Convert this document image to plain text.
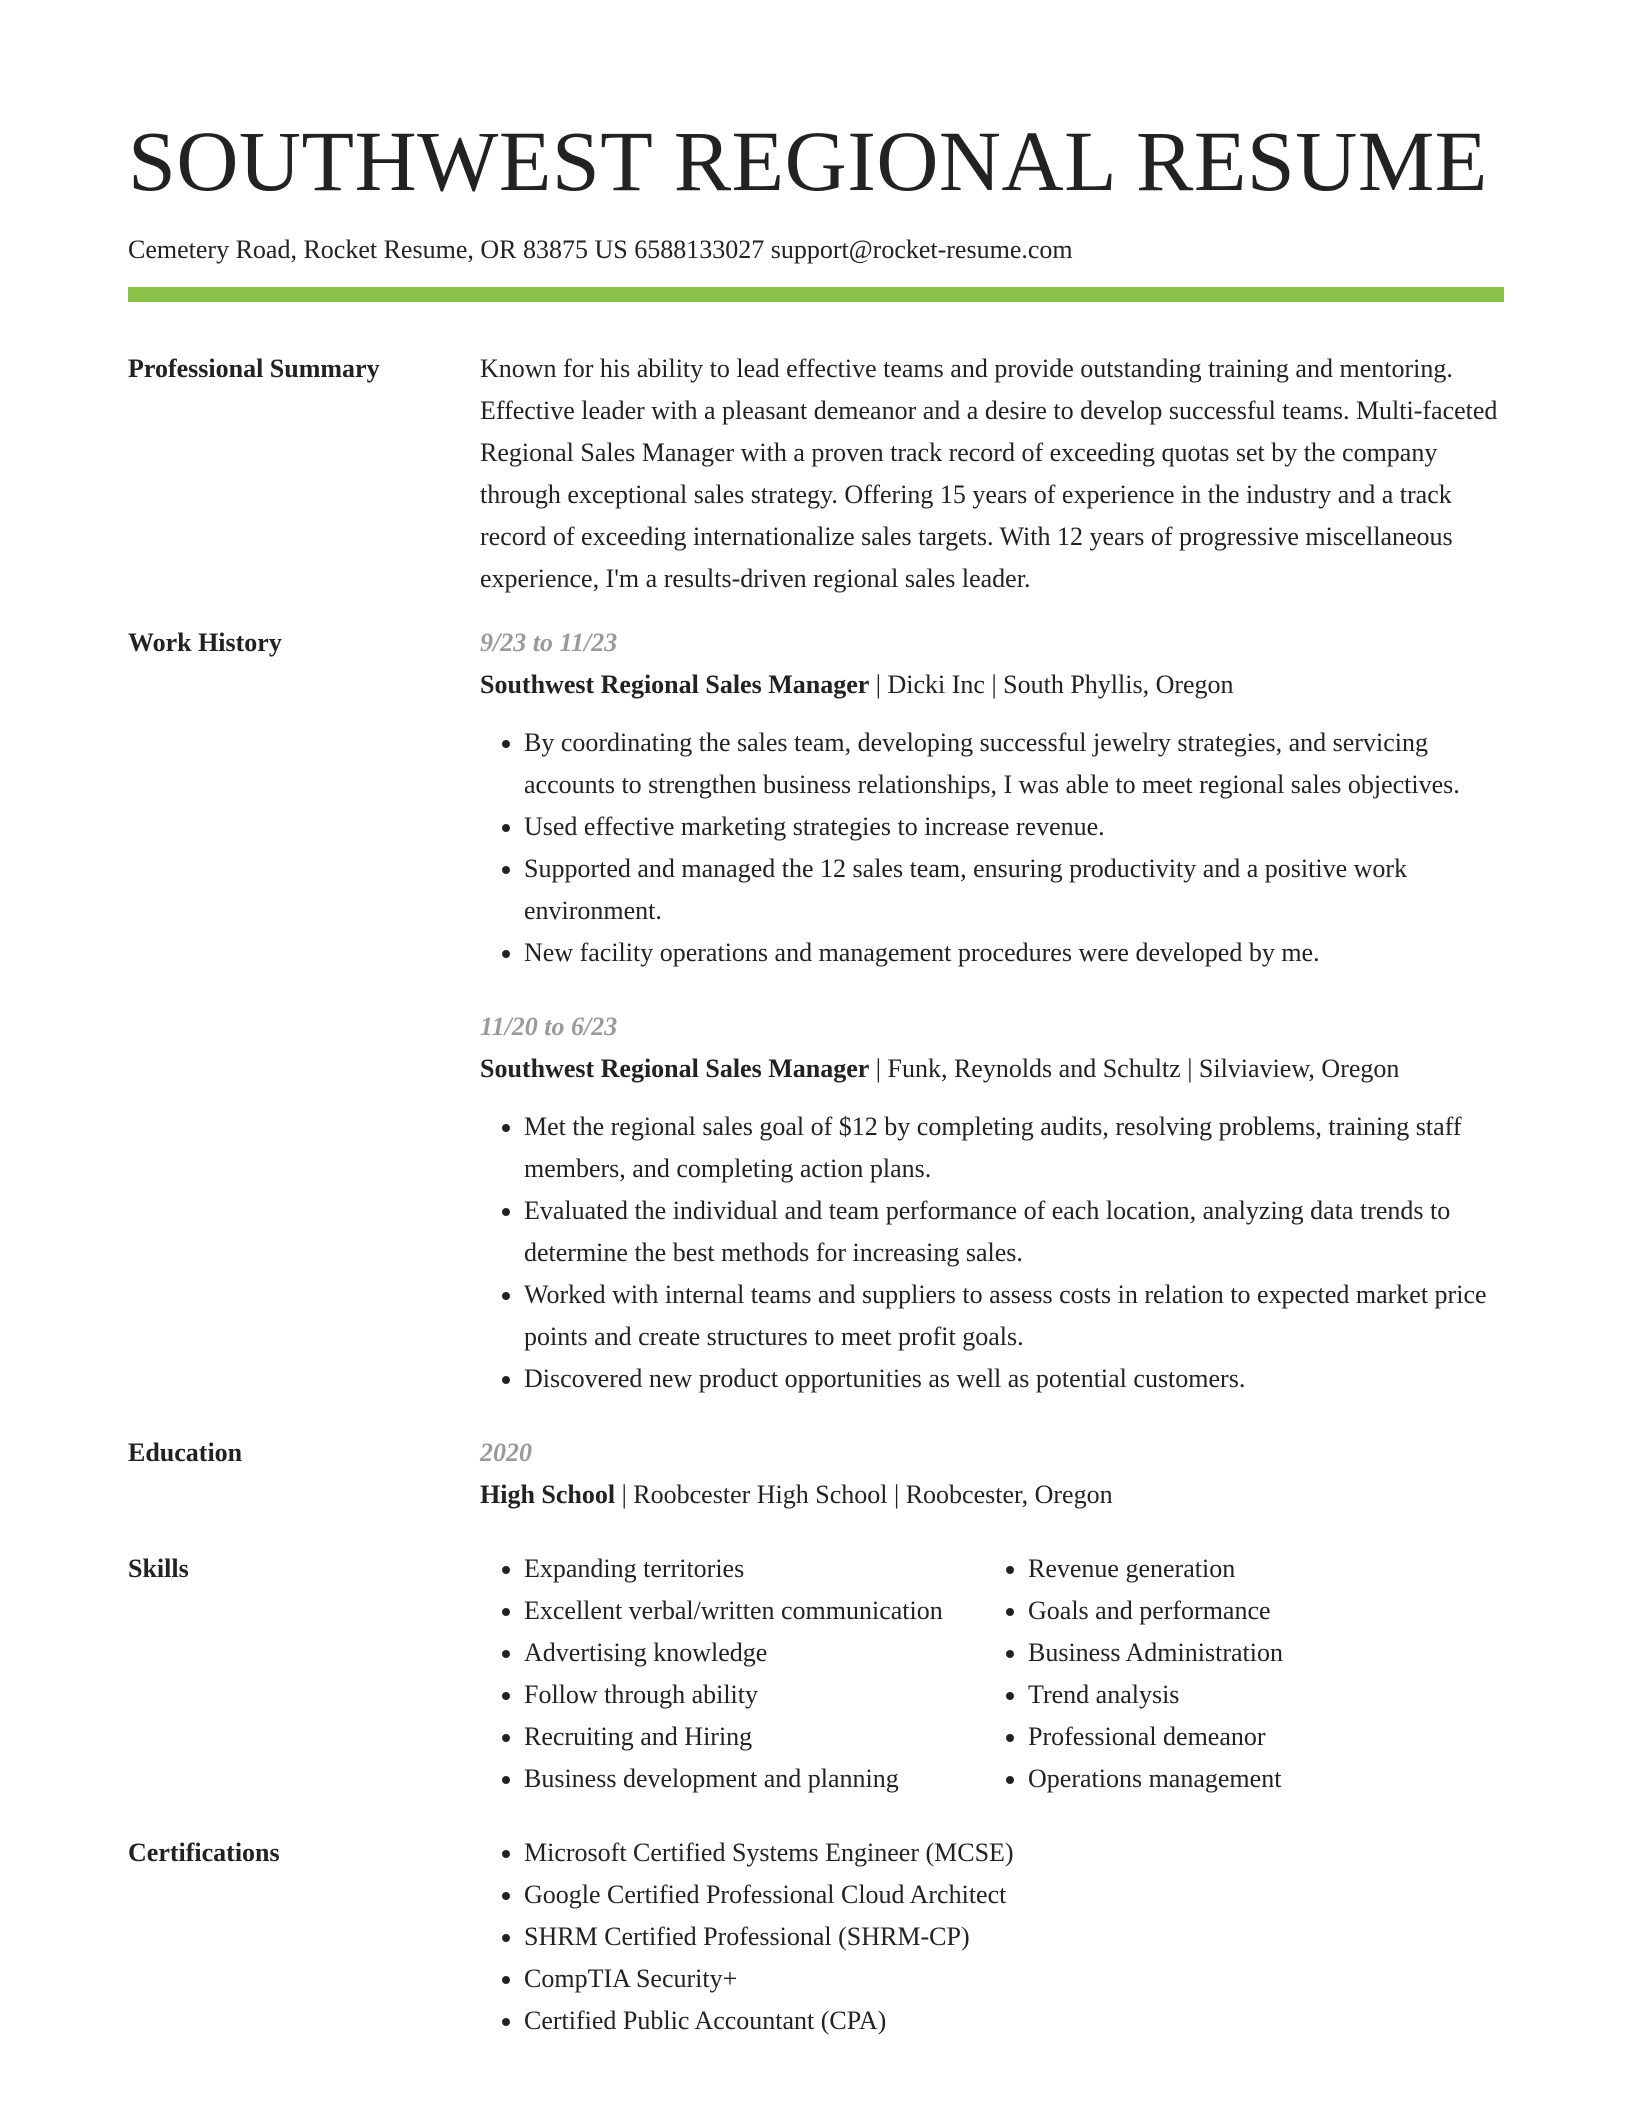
SOUTHWEST REGIONAL RESUME
Cemetery Road, Rocket Resume, OR 83875 US 6588133027 support@rocket-resume.com
Professional Summary	Known for his ability to lead effective teams and provide outstanding training and mentoring. Effective leader with a pleasant demeanor and a desire to develop successful teams. Multi-faceted Regional Sales Manager with a proven track record of exceeding quotas set by the company through exceptional sales strategy. Offering 15 years of experience in the industry and a track record of exceeding internationalize sales targets. With 12 years of progressive miscellaneous experience, I'm a results-driven regional sales leader.
Work History	9/23 to 11/23
Southwest Regional Sales Manager | Dicki Inc | South Phyllis, Oregon
• By coordinating the sales team, developing successful jewelry strategies, and servicing accounts to strengthen business relationships, I was able to meet regional sales objectives.
• Used effective marketing strategies to increase revenue.
• Supported and managed the 12 sales team, ensuring productivity and a positive work environment.
• New facility operations and management procedures were developed by me.
11/20 to 6/23
Southwest Regional Sales Manager | Funk, Reynolds and Schultz | Silviaview, Oregon
• Met the regional sales goal of $12 by completing audits, resolving problems, training staff members, and completing action plans.
• Evaluated the individual and team performance of each location, analyzing data trends to determine the best methods for increasing sales.
• Worked with internal teams and suppliers to assess costs in relation to expected market price points and create structures to meet profit goals.
• Discovered new product opportunities as well as potential customers.
Education	2020
High School | Roobcester High School | Roobcester, Oregon
Skills	• Expanding territories
• Excellent verbal/written communication
• Advertising knowledge
• Follow through ability
• Recruiting and Hiring
• Business development and planning
• Revenue generation
• Goals and performance
• Business Administration
• Trend analysis
• Professional demeanor
• Operations management
Certifications	• Microsoft Certified Systems Engineer (MCSE)
• Google Certified Professional Cloud Architect
• SHRM Certified Professional (SHRM-CP)
• CompTIA Security+
• Certified Public Accountant (CPA)
